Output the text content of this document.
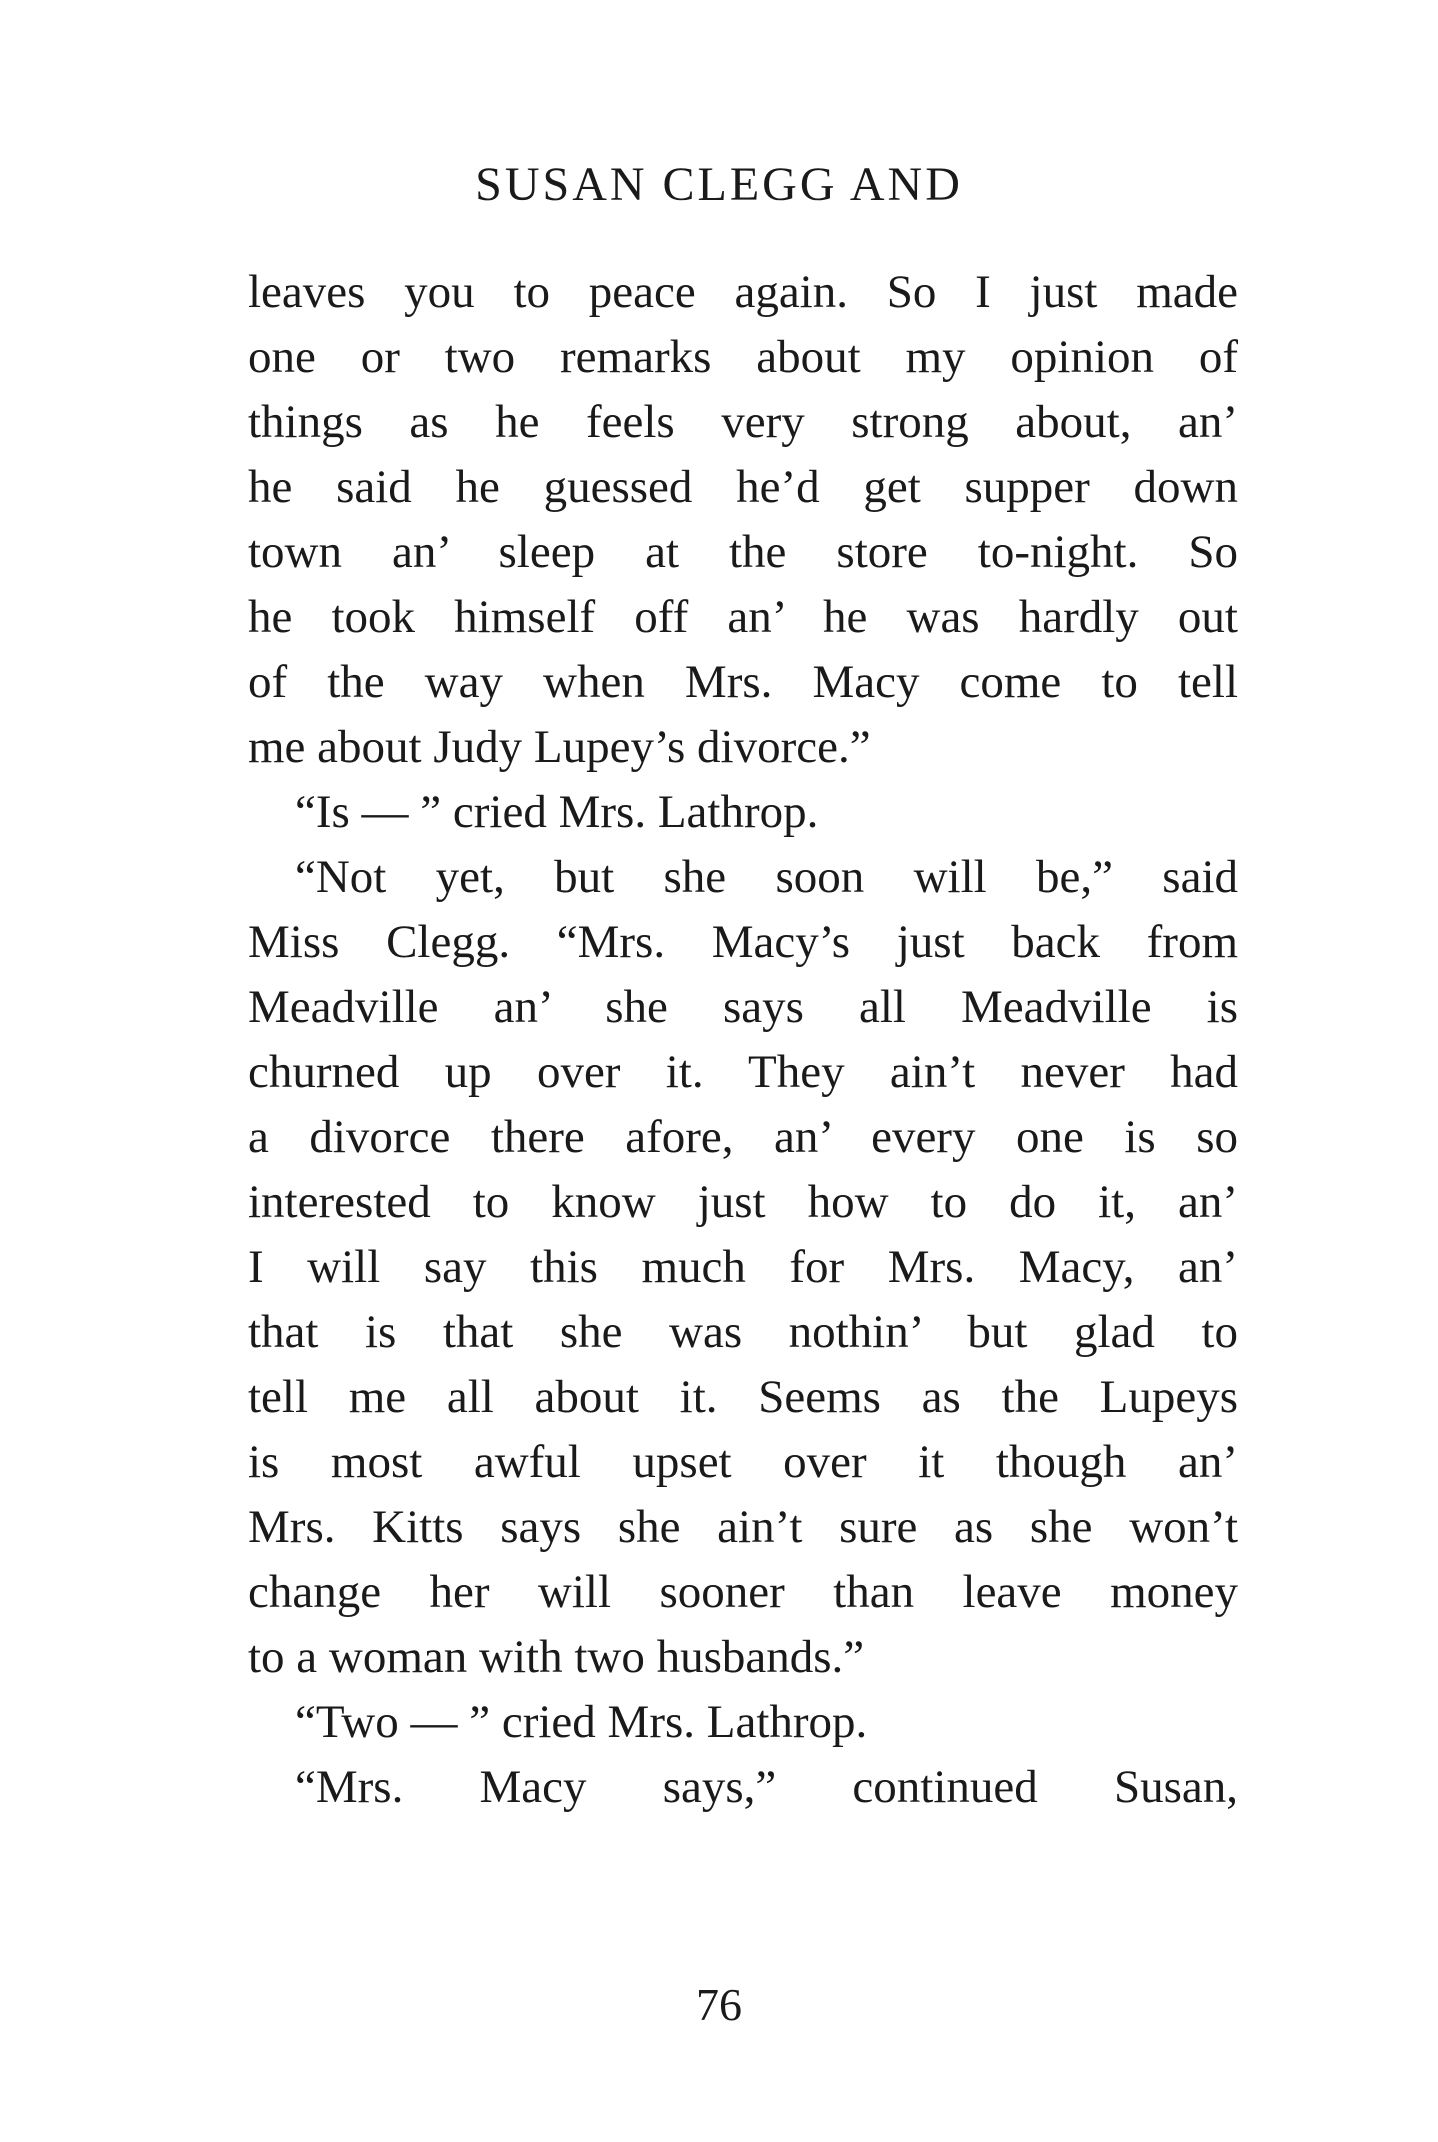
SUSAN CLEGG AND
leaves you to peace again. So I just made
one or two remarks about my opinion of
things as he feels very strong about, an’
he said he guessed he’d get supper down
town an’ sleep at the store to-night. So
he took himself off an’ he was hardly out
of the way when Mrs. Macy come to tell
me about Judy Lupey’s divorce.”
“Is — ” cried Mrs. Lathrop.
“Not yet, but she soon will be,” said
Miss Clegg. “Mrs. Macy’s just back from
Meadville an’ she says all Meadville is
churned up over it. They ain’t never had
a divorce there afore, an’ every one is so
interested to know just how to do it, an’
I will say this much for Mrs. Macy, an’
that is that she was nothin’ but glad to
tell me all about it. Seems as the Lupeys
is most awful upset over it though an’
Mrs. Kitts says she ain’t sure as she won’t
change her will sooner than leave money
to a woman with two husbands.”
“Two — ” cried Mrs. Lathrop.
“Mrs. Macy says,” continued Susan,
76
